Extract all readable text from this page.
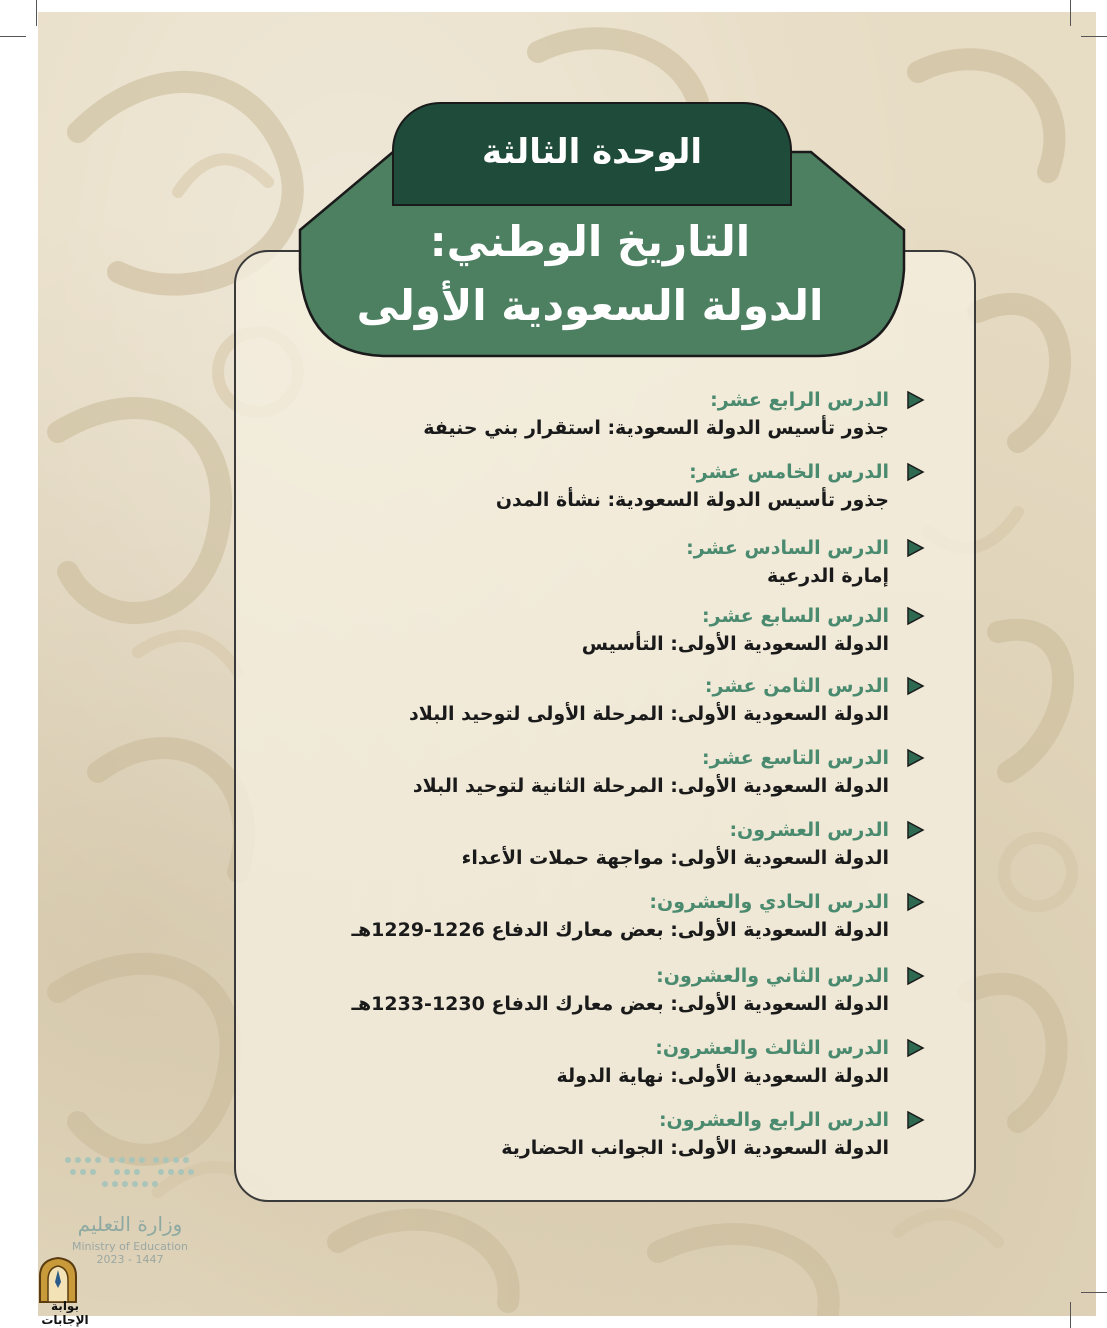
الوحدة الثالثة
التاريخ الوطني:
الدولة السعودية الأولى
الدرس الرابع عشر:
جذور تأسيس الدولة السعودية: استقرار بني حنيفة
الدرس الخامس عشر:
جذور تأسيس الدولة السعودية: نشأة المدن
الدرس السادس عشر:
إمارة الدرعية
الدرس السابع عشر:
الدولة السعودية الأولى: التأسيس
الدرس الثامن عشر:
الدولة السعودية الأولى: المرحلة الأولى لتوحيد البلاد
الدرس التاسع عشر:
الدولة السعودية الأولى: المرحلة الثانية لتوحيد البلاد
الدرس العشرون:
الدولة السعودية الأولى: مواجهة حملات الأعداء
الدرس الحادي والعشرون:
الدولة السعودية الأولى: بعض معارك الدفاع 1226-1229هـ
الدرس الثاني والعشرون:
الدولة السعودية الأولى: بعض معارك الدفاع 1230-1233هـ
الدرس الثالث والعشرون:
الدولة السعودية الأولى: نهاية الدولة
الدرس الرابع والعشرون:
الدولة السعودية الأولى: الجوانب الحضارية
وزارة التعليم
Ministry of Education
2023 - 1447
بوابة الإجابات
